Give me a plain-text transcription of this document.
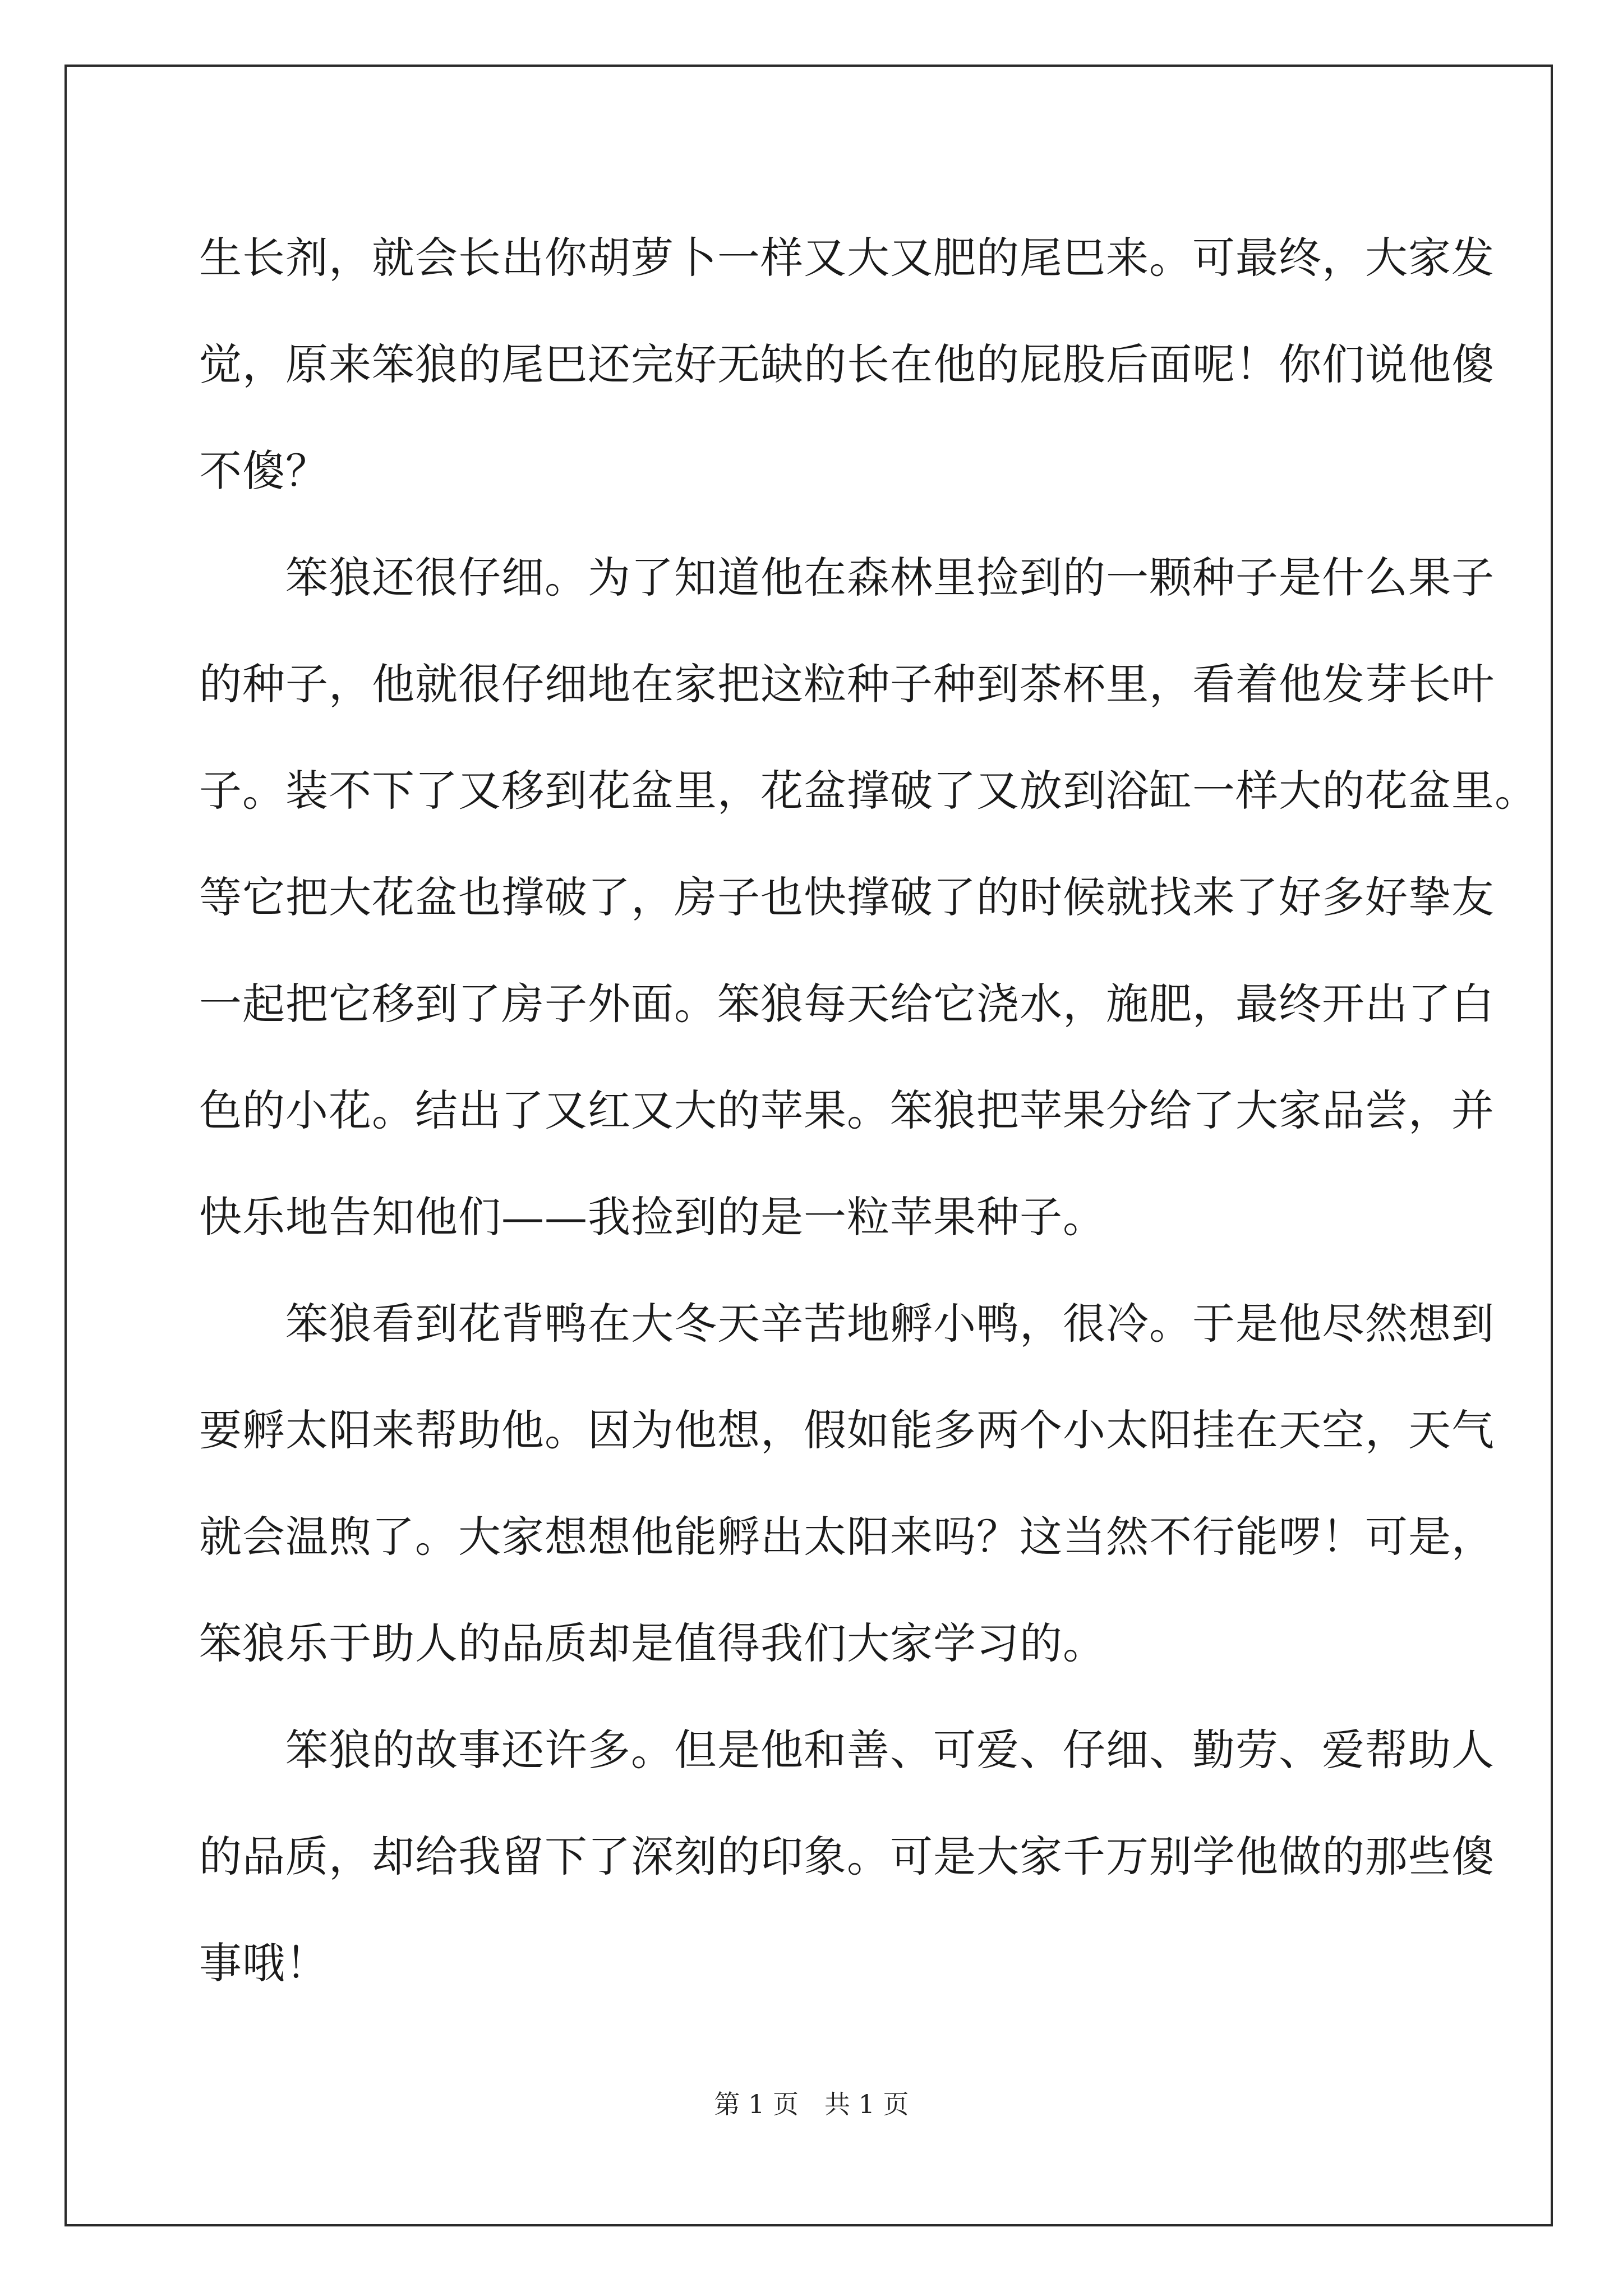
生长剂，就会长出你胡萝卜一样又大又肥的尾巴来。可最终，大家发
觉，原来笨狼的尾巴还完好无缺的长在他的屁股后面呢！你们说他傻
不傻？
　　笨狼还很仔细。为了知道他在森林里捡到的一颗种子是什么果子
的种子，他就很仔细地在家把这粒种子种到茶杯里，看着他发芽长叶
子。装不下了又移到花盆里，花盆撑破了又放到浴缸一样大的花盆里。
等它把大花盆也撑破了，房子也快撑破了的时候就找来了好多好挚友
一起把它移到了房子外面。笨狼每天给它浇水，施肥，最终开出了白
色的小花。结出了又红又大的苹果。笨狼把苹果分给了大家品尝，并
快乐地告知他们——我捡到的是一粒苹果种子。
　　笨狼看到花背鸭在大冬天辛苦地孵小鸭，很冷。于是他尽然想到
要孵太阳来帮助他。因为他想，假如能多两个小太阳挂在天空，天气
就会温煦了。大家想想他能孵出太阳来吗？这当然不行能啰！可是，
笨狼乐于助人的品质却是值得我们大家学习的。
　　笨狼的故事还许多。但是他和善、可爱、仔细、勤劳、爱帮助人
的品质，却给我留下了深刻的印象。可是大家千万别学他做的那些傻
事哦！
第 1 页　共 1 页
